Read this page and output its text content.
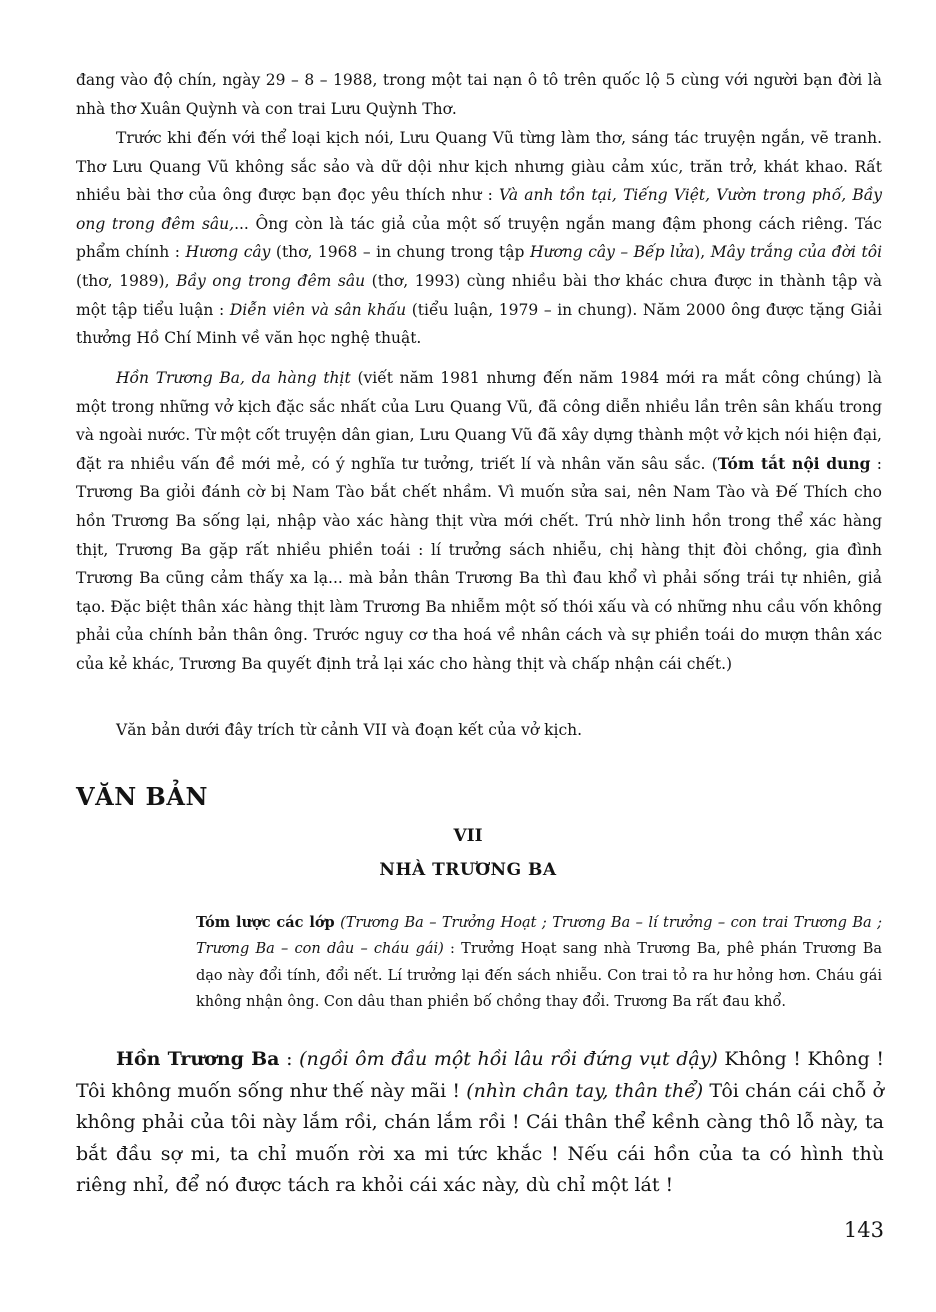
đang vào độ chín, ngày 29 – 8 – 1988, trong một tai nạn ô tô trên quốc lộ 5 cùng với người bạn đời là nhà thơ Xuân Quỳnh và con trai Lưu Quỳnh Thơ.

Trước khi đến với thể loại kịch nói, Lưu Quang Vũ từng làm thơ, sáng tác truyện ngắn, vẽ tranh. Thơ Lưu Quang Vũ không sắc sảo và dữ dội như kịch nhưng giàu cảm xúc, trăn trở, khát khao. Rất nhiều bài thơ của ông được bạn đọc yêu thích như : Và anh tồn tại, Tiếng Việt, Vườn trong phố, Bầy ong trong đêm sâu,... Ông còn là tác giả của một số truyện ngắn mang đậm phong cách riêng. Tác phẩm chính : Hương cây (thơ, 1968 – in chung trong tập Hương cây – Bếp lửa), Mây trắng của đời tôi (thơ, 1989), Bầy ong trong đêm sâu (thơ, 1993) cùng nhiều bài thơ khác chưa được in thành tập và một tập tiểu luận : Diễn viên và sân khấu (tiểu luận, 1979 – in chung). Năm 2000 ông được tặng Giải thưởng Hồ Chí Minh về văn học nghệ thuật.

Hồn Trương Ba, da hàng thịt (viết năm 1981 nhưng đến năm 1984 mới ra mắt công chúng) là một trong những vở kịch đặc sắc nhất của Lưu Quang Vũ, đã công diễn nhiều lần trên sân khấu trong và ngoài nước. Từ một cốt truyện dân gian, Lưu Quang Vũ đã xây dựng thành một vở kịch nói hiện đại, đặt ra nhiều vấn đề mới mẻ, có ý nghĩa tư tưởng, triết lí và nhân văn sâu sắc. (Tóm tắt nội dung : Trương Ba giỏi đánh cờ bị Nam Tào bắt chết nhầm. Vì muốn sửa sai, nên Nam Tào và Đế Thích cho hồn Trương Ba sống lại, nhập vào xác hàng thịt vừa mới chết. Trú nhờ linh hồn trong thể xác hàng thịt, Trương Ba gặp rất nhiều phiền toái : lí trưởng sách nhiễu, chị hàng thịt đòi chồng, gia đình Trương Ba cũng cảm thấy xa lạ... mà bản thân Trương Ba thì đau khổ vì phải sống trái tự nhiên, giả tạo. Đặc biệt thân xác hàng thịt làm Trương Ba nhiễm một số thói xấu và có những nhu cầu vốn không phải của chính bản thân ông. Trước nguy cơ tha hoá về nhân cách và sự phiền toái do mượn thân xác của kẻ khác, Trương Ba quyết định trả lại xác cho hàng thịt và chấp nhận cái chết.)

Văn bản dưới đây trích từ cảnh VII và đoạn kết của vở kịch.

VĂN BẢN
VII
NHÀ TRƯƠNG BA

Tóm lược các lớp (Trương Ba – Trưởng Hoạt ; Trương Ba – lí trưởng – con trai Trương Ba ; Trương Ba – con dâu – cháu gái) : Trưởng Hoạt sang nhà Trương Ba, phê phán Trương Ba dạo này đổi tính, đổi nết. Lí trưởng lại đến sách nhiễu. Con trai tỏ ra hư hỏng hơn. Cháu gái không nhận ông. Con dâu than phiền bố chồng thay đổi. Trương Ba rất đau khổ.

Hồn Trương Ba : (ngồi ôm đầu một hồi lâu rồi đứng vụt dậy) Không ! Không ! Tôi không muốn sống như thế này mãi ! (nhìn chân tay, thân thể) Tôi chán cái chỗ ở không phải của tôi này lắm rồi, chán lắm rồi ! Cái thân thể kềnh càng thô lỗ này, ta bắt đầu sợ mi, ta chỉ muốn rời xa mi tức khắc ! Nếu cái hồn của ta có hình thù riêng nhỉ, để nó được tách ra khỏi cái xác này, dù chỉ một lát !

143
